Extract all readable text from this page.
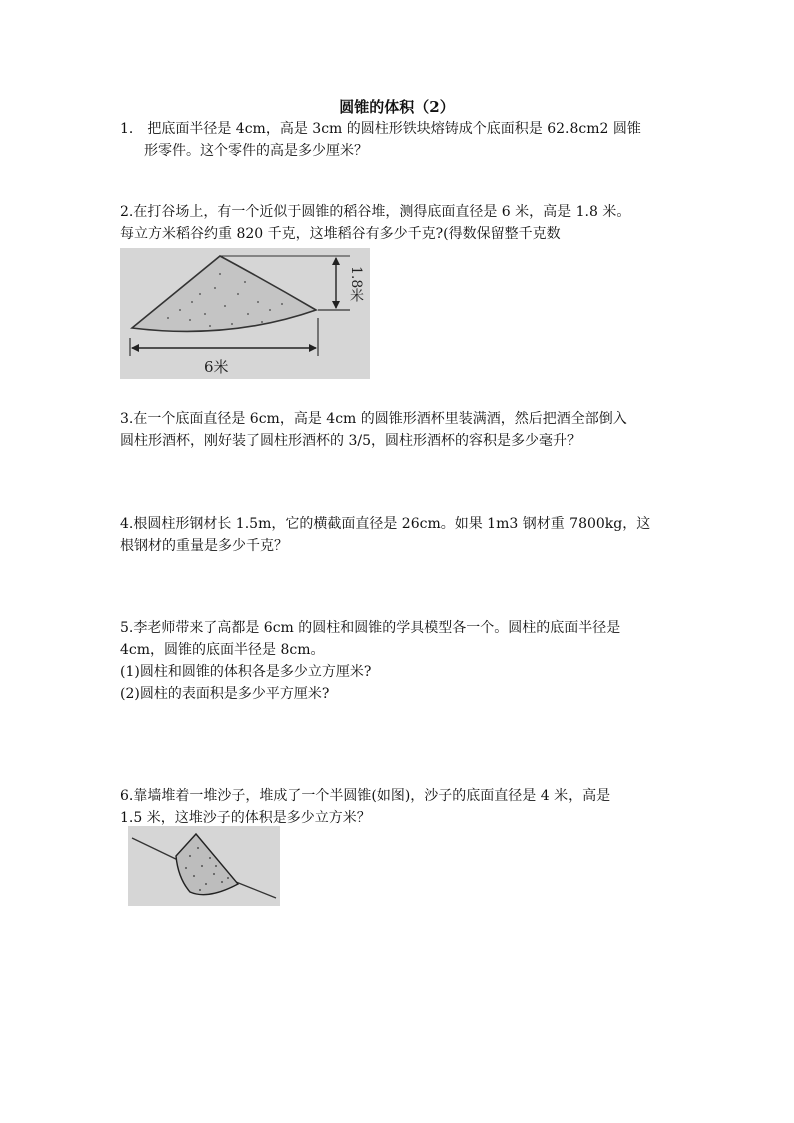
圆锥的体积（2）

1． 把底面半径是 4cm，高是 3cm 的圆柱形铁块熔铸成个底面积是 62.8cm2 圆锥

形零件。这个零件的高是多少厘米？

2.在打谷场上，有一个近似于圆锥的稻谷堆，测得底面直径是 6 米，高是 1.8 米。

每立方米稻谷约重 820 千克，这堆稻谷有多少千克?(得数保留整千克数

1.8米
6米

3.在一个底面直径是 6cm，高是 4cm 的圆锥形酒杯里装满酒，然后把酒全部倒入

圆柱形酒杯，刚好装了圆柱形酒杯的 3/5，圆柱形酒杯的容积是多少毫升？

4.根圆柱形钢材长 1.5m，它的横截面直径是 26cm。如果 1m3 钢材重 7800kg，这

根钢材的重量是多少千克？

5.李老师带来了高都是 6cm 的圆柱和圆锥的学具模型各一个。圆柱的底面半径是

4cm，圆锥的底面半径是 8cm。

(1)圆柱和圆锥的体积各是多少立方厘米?

(2)圆柱的表面积是多少平方厘米?

6.靠墙堆着一堆沙子，堆成了一个半圆锥(如图)，沙子的底面直径是 4 米，高是

1.5 米，这堆沙子的体积是多少立方米？
